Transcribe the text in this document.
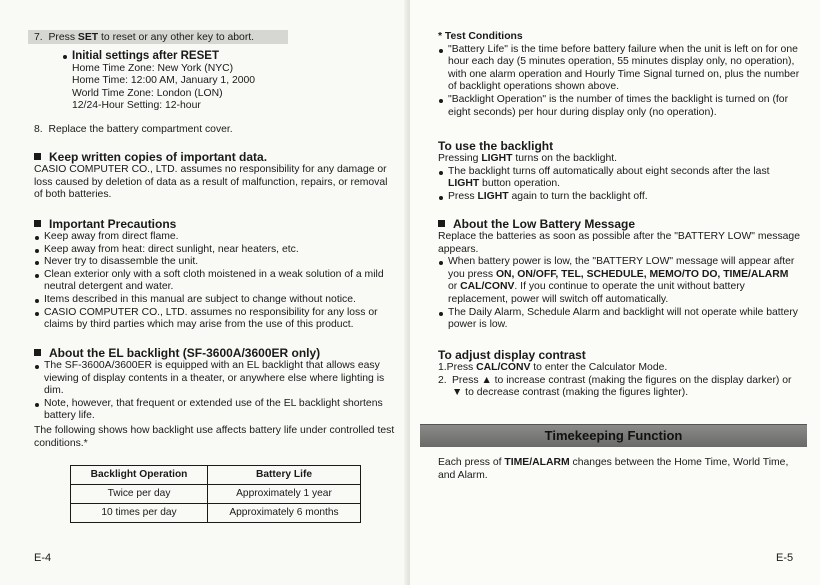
7. Press SET to reset or any other key to abort.

Initial settings after RESET

Home Time Zone: New York (NYC)

Home Time: 12:00 AM, January 1, 2000

World Time Zone: London (LON)

12/24-Hour Setting: 12-hour

8. Replace the battery compartment cover.

Keep written copies of important data.

CASIO COMPUTER CO., LTD. assumes no responsibility for any damage or loss caused by deletion of data as a result of malfunction, repairs, or removal of both batteries.

Important Precautions

Keep away from direct flame.
Keep away from heat: direct sunlight, near heaters, etc.
Never try to disassemble the unit.
Clean exterior only with a soft cloth moistened in a weak solution of a mild neutral detergent and water.
Items described in this manual are subject to change without notice.
CASIO COMPUTER CO., LTD. assumes no responsibility for any loss or claims by third parties which may arise from the use of this product.

About the EL backlight (SF-3600A/3600ER only)

The SF-3600A/3600ER is equipped with an EL backlight that allows easy viewing of display contents in a theater, or anywhere else where lighting is dim.
Note, however, that frequent or extended use of the EL backlight shortens battery life.

The following shows how backlight use affects battery life under controlled test conditions.*

Backlight Operation	Battery Life
Twice per day	Approximately 1 year
10 times per day	Approximately 6 months
E-4

* Test Conditions

"Battery Life" is the time before battery failure when the unit is left on for one hour each day (5 minutes operation, 55 minutes display only, no operation), with one alarm operation and Hourly Time Signal turned on, plus the number of backlight operations shown above.
"Backlight Operation" is the number of times the backlight is turned on (for eight seconds) per hour during display only (no operation).

To use the backlight

Pressing LIGHT turns on the backlight.

The backlight turns off automatically about eight seconds after the last LIGHT button operation.
Press LIGHT again to turn the backlight off.

About the Low Battery Message

Replace the batteries as soon as possible after the "BATTERY LOW" message appears.

When battery power is low, the "BATTERY LOW" message will appear after you press ON, ON/OFF, TEL, SCHEDULE, MEMO/TO DO, TIME/ALARM or CAL/CONV. If you continue to operate the unit without battery replacement, power will switch off automatically.
The Daily Alarm, Schedule Alarm and backlight will not operate while battery power is low.

To adjust display contrast

1.Press CAL/CONV to enter the Calculator Mode.

2. Press ▲ to increase contrast (making the figures on the display darker) or ▼ to decrease contrast (making the figures lighter).

Timekeeping Function

Each press of TIME/ALARM changes between the Home Time, World Time, and Alarm.

E-5
